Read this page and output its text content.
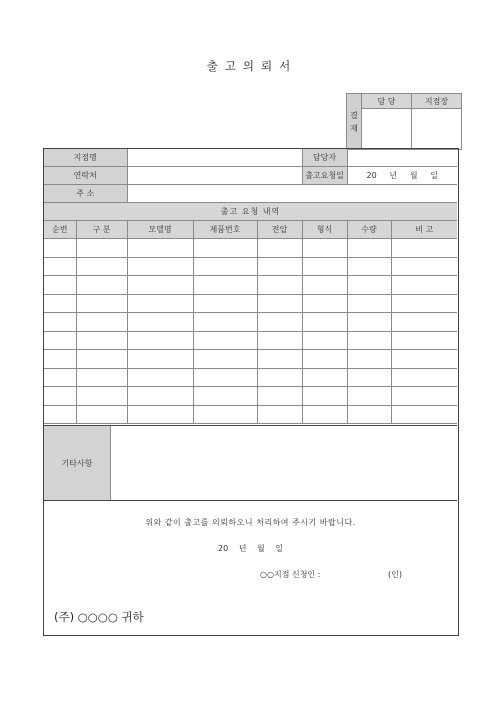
출고의뢰서
결재	담 당	지점장

지점명					담당자		
연락처					출고요청일	20     년     월     일	
주 소							
출고 요청 내역							
순번	구 분	모델명	제품번호	전압	형식	수량	비 고

기타사항
위와 같이 출고를 의뢰하오니 처리하여 주시기 바랍니다.
20 년 월 일
○○지점 신청인 :	(인)
(주) ○○○○ 귀하
